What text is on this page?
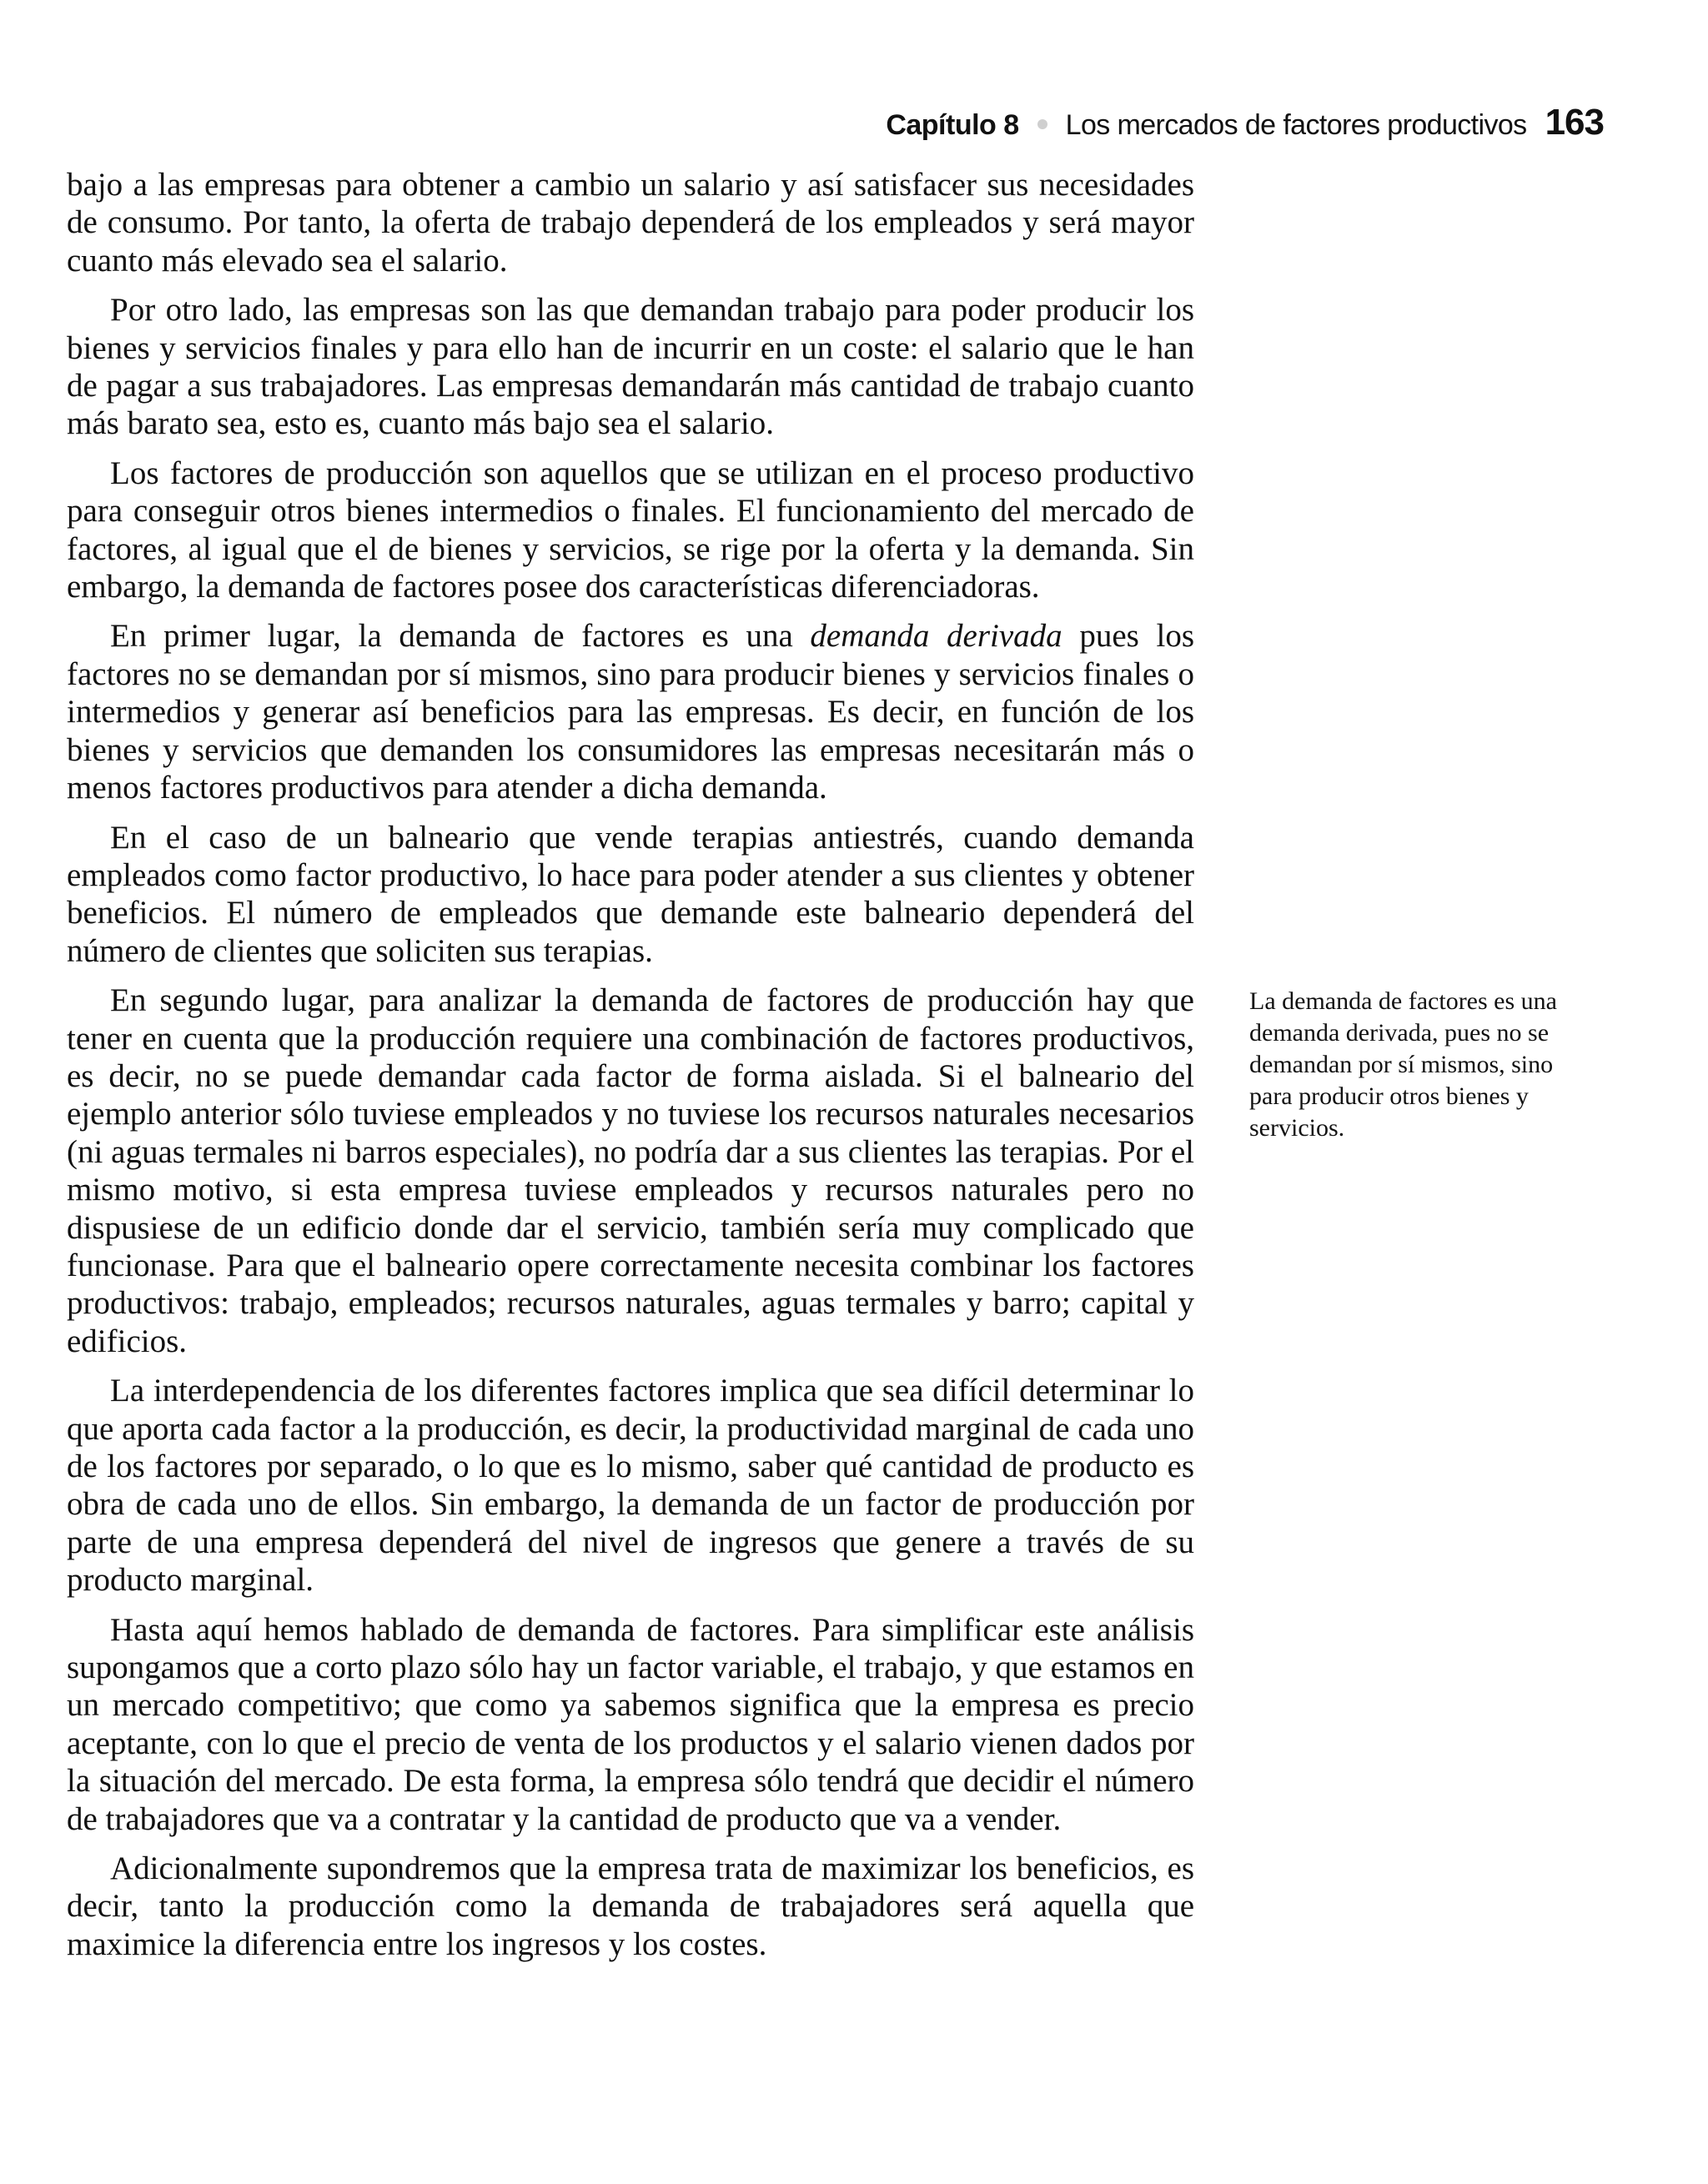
Capítulo 8 Los mercados de factores productivos 163

bajo a las empresas para obtener a cambio un salario y así satisfacer sus necesidades de consumo. Por tanto, la oferta de trabajo dependerá de los empleados y será mayor cuanto más elevado sea el salario.

Por otro lado, las empresas son las que demandan trabajo para poder producir los bienes y servicios finales y para ello han de incurrir en un coste: el salario que le han de pagar a sus trabajadores. Las empresas demandarán más cantidad de trabajo cuanto más barato sea, esto es, cuanto más bajo sea el salario.

Los factores de producción son aquellos que se utilizan en el proceso productivo para conseguir otros bienes intermedios o finales. El funcionamiento del mercado de factores, al igual que el de bienes y servicios, se rige por la oferta y la demanda. Sin embargo, la demanda de factores posee dos características diferenciadoras.

En primer lugar, la demanda de factores es una demanda derivada pues los factores no se demandan por sí mismos, sino para producir bienes y servicios finales o intermedios y generar así beneficios para las empresas. Es decir, en función de los bienes y servicios que demanden los consumidores las empresas necesitarán más o menos factores productivos para atender a dicha demanda.

En el caso de un balneario que vende terapias antiestrés, cuando demanda empleados como factor productivo, lo hace para poder atender a sus clientes y obtener beneficios. El número de empleados que demande este balneario dependerá del número de clientes que soliciten sus terapias.

En segundo lugar, para analizar la demanda de factores de producción hay que tener en cuenta que la producción requiere una combinación de factores productivos, es decir, no se puede demandar cada factor de forma aislada. Si el balneario del ejemplo anterior sólo tuviese empleados y no tuviese los recursos naturales necesarios (ni aguas termales ni barros especiales), no podría dar a sus clientes las terapias. Por el mismo motivo, si esta empresa tuviese empleados y recursos naturales pero no dispusiese de un edificio donde dar el servicio, también sería muy complicado que funcionase. Para que el balneario opere correctamente necesita combinar los factores productivos: trabajo, empleados; recursos naturales, aguas termales y barro; capital y edificios.

La interdependencia de los diferentes factores implica que sea difícil determinar lo que aporta cada factor a la producción, es decir, la productividad marginal de cada uno de los factores por separado, o lo que es lo mismo, saber qué cantidad de producto es obra de cada uno de ellos. Sin embargo, la demanda de un factor de producción por parte de una empresa dependerá del nivel de ingresos que genere a través de su producto marginal.

Hasta aquí hemos hablado de demanda de factores. Para simplificar este análisis supongamos que a corto plazo sólo hay un factor variable, el trabajo, y que estamos en un mercado competitivo; que como ya sabemos significa que la empresa es precio aceptante, con lo que el precio de venta de los productos y el salario vienen dados por la situación del mercado. De esta forma, la empresa sólo tendrá que decidir el número de trabajadores que va a contratar y la cantidad de producto que va a vender.

Adicionalmente supondremos que la empresa trata de maximizar los beneficios, es decir, tanto la producción como la demanda de trabajadores será aquella que maximice la diferencia entre los ingresos y los costes.

La demanda de factores es una demanda derivada, pues no se demandan por sí mismos, sino para producir otros bienes y servicios.
